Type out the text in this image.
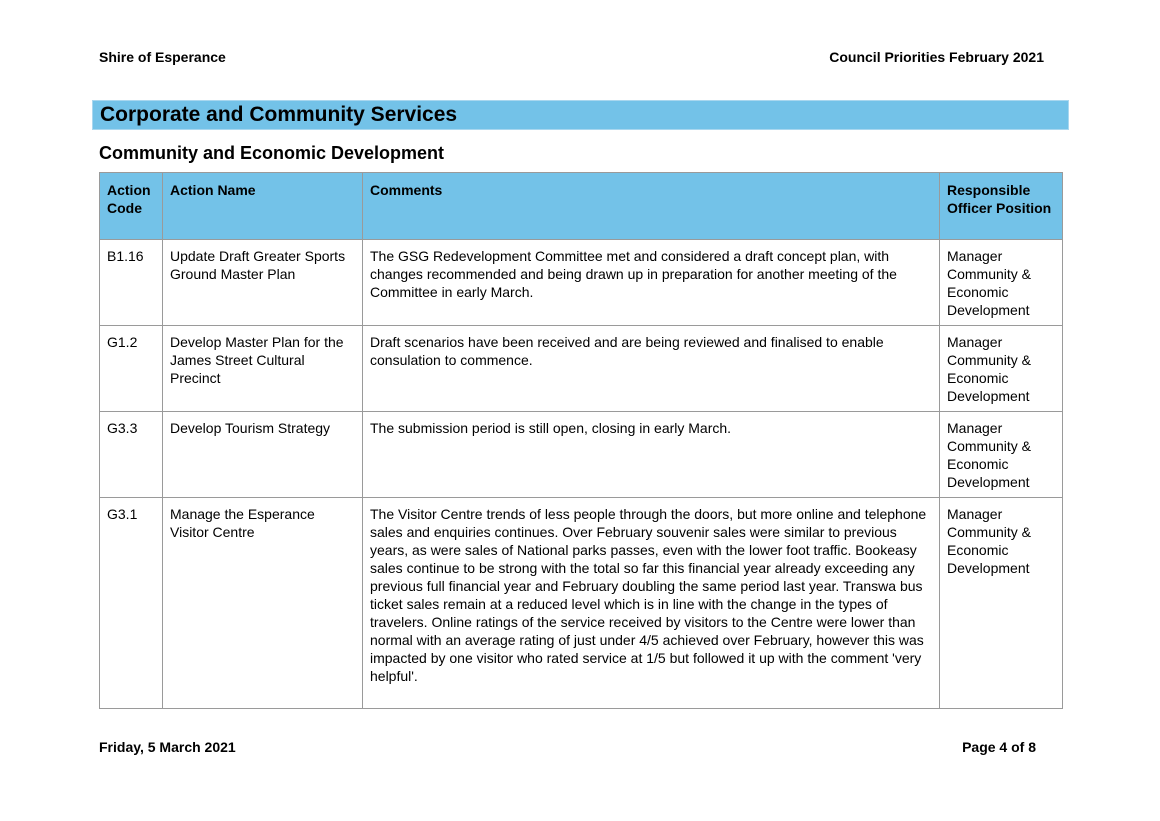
Shire of Esperance	Council Priorities February 2021
Corporate and Community Services
Community and Economic Development
Action Code	Action Name	Comments	Responsible Officer Position
B1.16	Update Draft Greater Sports Ground Master Plan	The GSG Redevelopment Committee met and considered a draft concept plan, with changes recommended and being drawn up in preparation for another meeting of the Committee in early March.	Manager Community & Economic Development
G1.2	Develop Master Plan for the James Street Cultural Precinct	Draft scenarios have been received and are being reviewed and finalised to enable consulation to commence.	Manager Community & Economic Development
G3.3	Develop Tourism Strategy	The submission period is still open, closing in early March.	Manager Community & Economic Development
G3.1	Manage the Esperance Visitor Centre	The Visitor Centre trends of less people through the doors, but more online and telephone sales and enquiries continues. Over February souvenir sales were similar to previous years, as were sales of National parks passes, even with the lower foot traffic. Bookeasy sales continue to be strong with the total so far this financial year already exceeding any previous full financial year and February doubling the same period last year. Transwa bus ticket sales remain at a reduced level which is in line with the change in the types of travelers. Online ratings of the service received by visitors to the Centre were lower than normal with an average rating of just under 4/5 achieved over February, however this was impacted by one visitor who rated service at 1/5 but followed it up with the comment 'very helpful'.	Manager Community & Economic Development
Friday, 5 March 2021	Page 4 of 8
